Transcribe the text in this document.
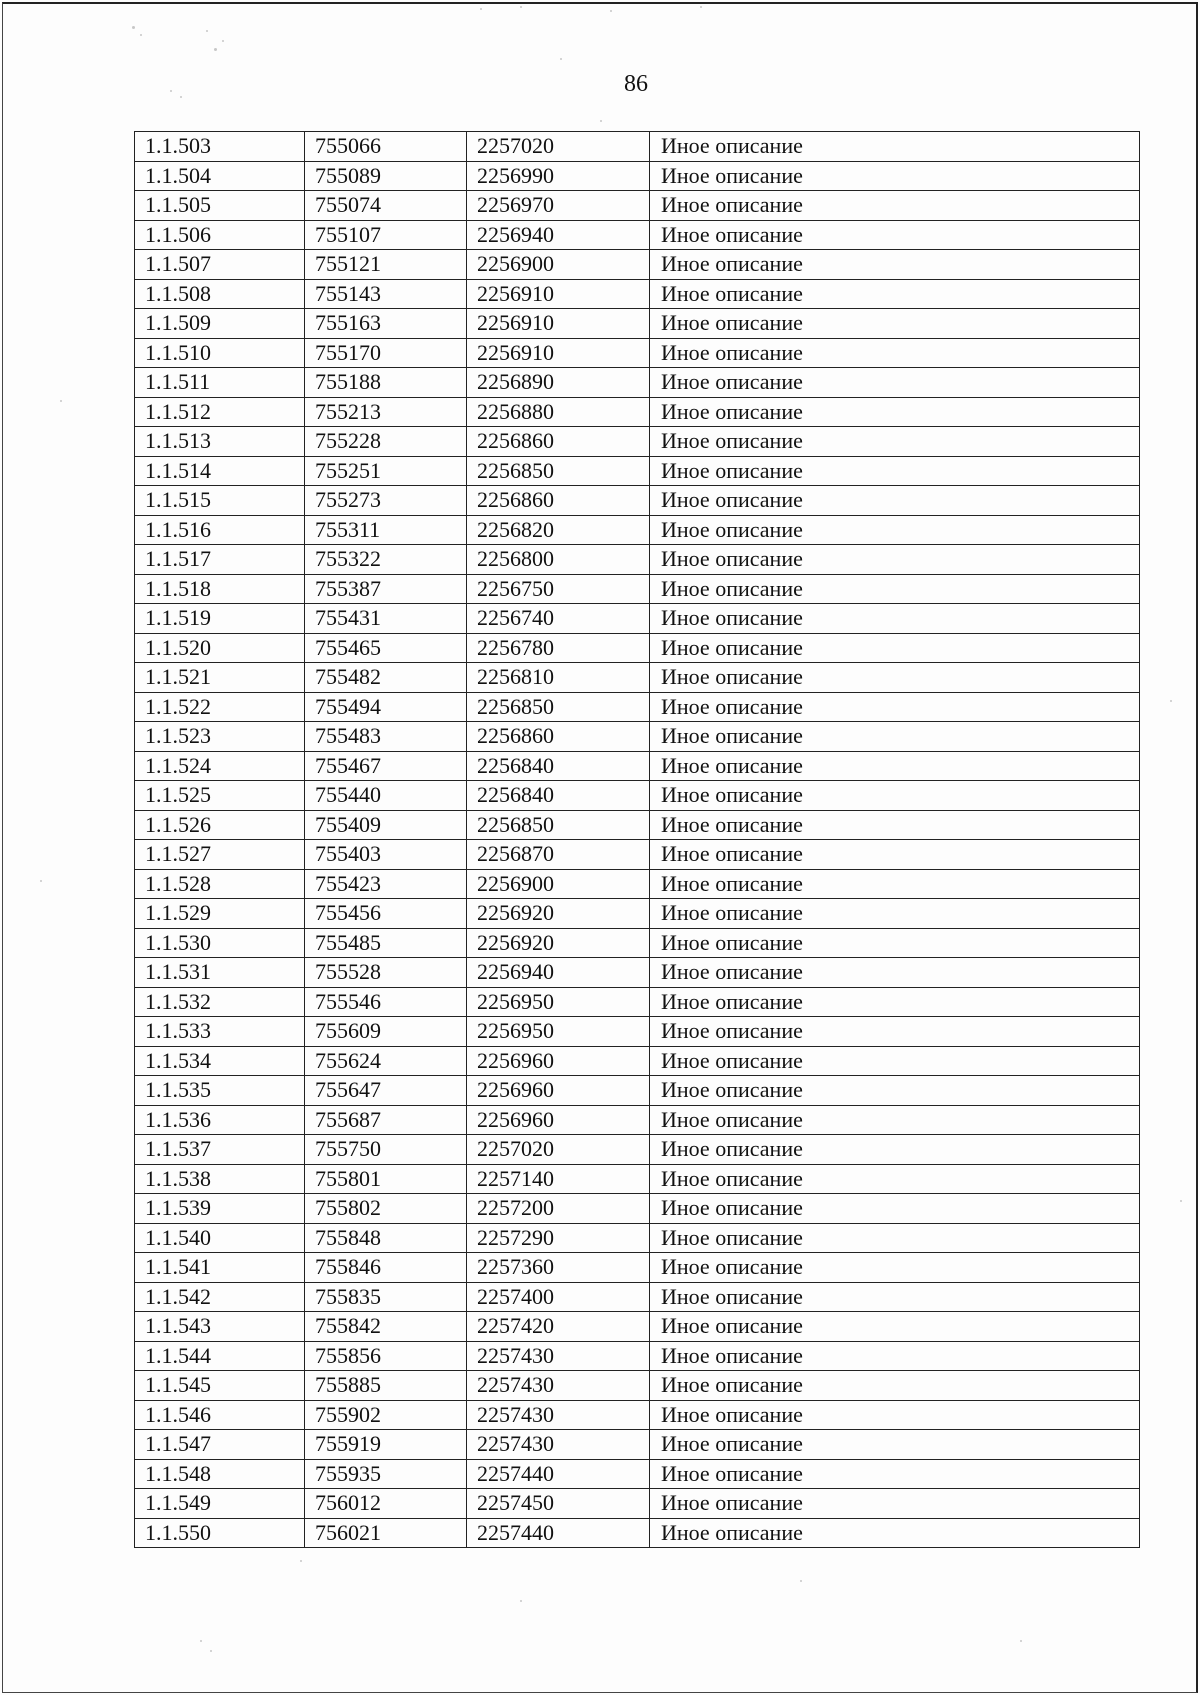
86
1.1.503	755066	2257020	Иное описание
1.1.504	755089	2256990	Иное описание
1.1.505	755074	2256970	Иное описание
1.1.506	755107	2256940	Иное описание
1.1.507	755121	2256900	Иное описание
1.1.508	755143	2256910	Иное описание
1.1.509	755163	2256910	Иное описание
1.1.510	755170	2256910	Иное описание
1.1.511	755188	2256890	Иное описание
1.1.512	755213	2256880	Иное описание
1.1.513	755228	2256860	Иное описание
1.1.514	755251	2256850	Иное описание
1.1.515	755273	2256860	Иное описание
1.1.516	755311	2256820	Иное описание
1.1.517	755322	2256800	Иное описание
1.1.518	755387	2256750	Иное описание
1.1.519	755431	2256740	Иное описание
1.1.520	755465	2256780	Иное описание
1.1.521	755482	2256810	Иное описание
1.1.522	755494	2256850	Иное описание
1.1.523	755483	2256860	Иное описание
1.1.524	755467	2256840	Иное описание
1.1.525	755440	2256840	Иное описание
1.1.526	755409	2256850	Иное описание
1.1.527	755403	2256870	Иное описание
1.1.528	755423	2256900	Иное описание
1.1.529	755456	2256920	Иное описание
1.1.530	755485	2256920	Иное описание
1.1.531	755528	2256940	Иное описание
1.1.532	755546	2256950	Иное описание
1.1.533	755609	2256950	Иное описание
1.1.534	755624	2256960	Иное описание
1.1.535	755647	2256960	Иное описание
1.1.536	755687	2256960	Иное описание
1.1.537	755750	2257020	Иное описание
1.1.538	755801	2257140	Иное описание
1.1.539	755802	2257200	Иное описание
1.1.540	755848	2257290	Иное описание
1.1.541	755846	2257360	Иное описание
1.1.542	755835	2257400	Иное описание
1.1.543	755842	2257420	Иное описание
1.1.544	755856	2257430	Иное описание
1.1.545	755885	2257430	Иное описание
1.1.546	755902	2257430	Иное описание
1.1.547	755919	2257430	Иное описание
1.1.548	755935	2257440	Иное описание
1.1.549	756012	2257450	Иное описание
1.1.550	756021	2257440	Иное описание
